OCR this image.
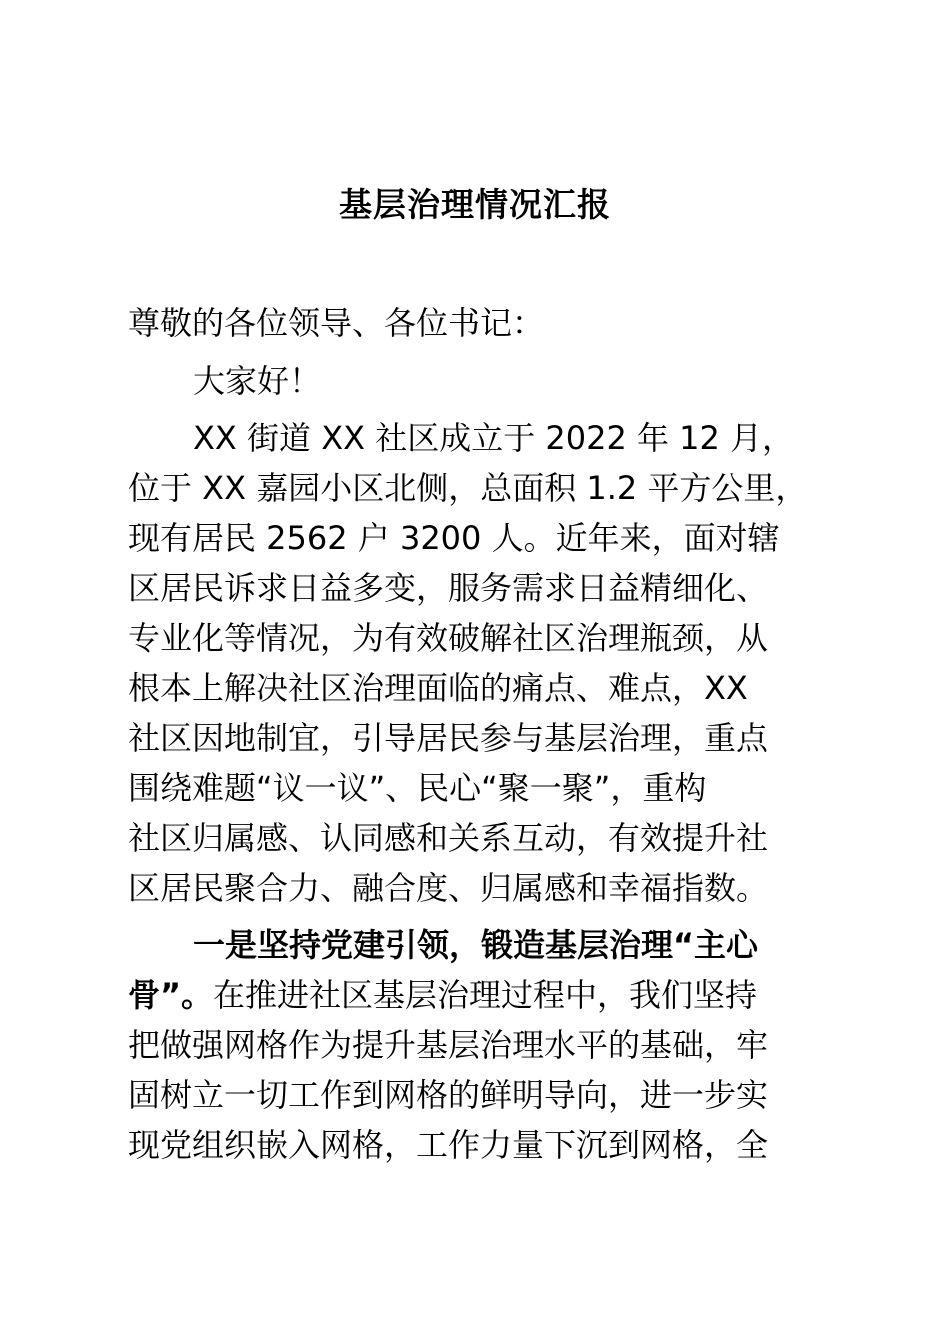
基层治理情况汇报
尊敬的各位领导、各位书记：
大家好！
XX 街道 XX 社区成立于 2022 年 12 月，
位于 XX 嘉园小区北侧，总面积 1.2 平方公里，
现有居民 2562 户 3200 人。近年来，面对辖
区居民诉求日益多变，服务需求日益精细化、
专业化等情况，为有效破解社区治理瓶颈，从
根本上解决社区治理面临的痛点、难点，XX
社区因地制宜，引导居民参与基层治理，重点
围绕难题“议一议”、民心“聚一聚”，重构
社区归属感、认同感和关系互动，有效提升社
区居民聚合力、融合度、归属感和幸福指数。
一是坚持党建引领，锻造基层治理“主心
骨”。在推进社区基层治理过程中，我们坚持
把做强网格作为提升基层治理水平的基础，牢
固树立一切工作到网格的鲜明导向，进一步实
现党组织嵌入网格，工作力量下沉到网格，全
